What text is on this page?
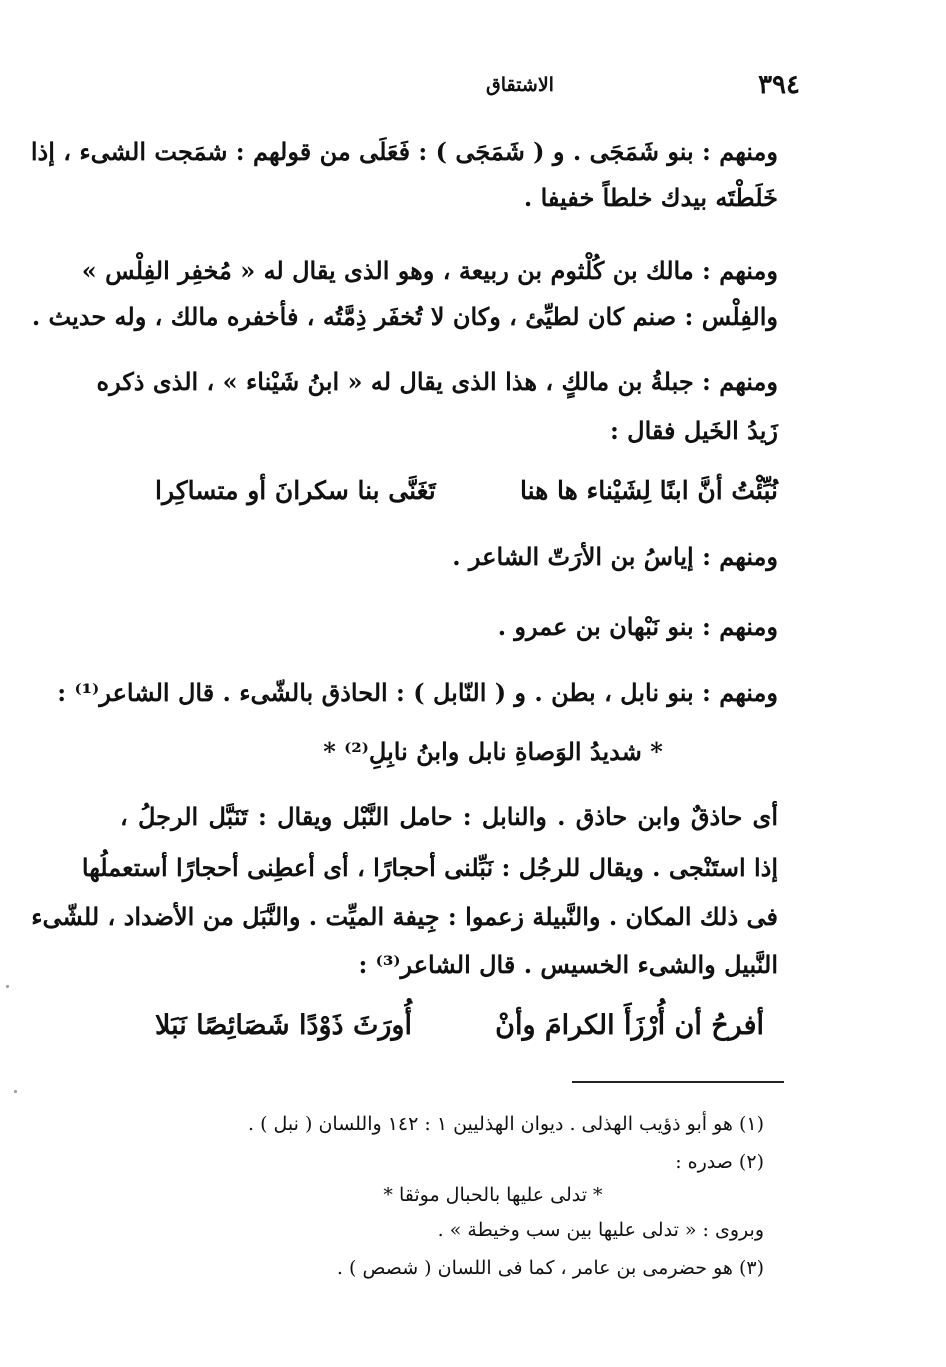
٣٩٤
الاشتقاق
ومنهم : بنو شَمَجَى . و ( شَمَجَى ) : فَعَلَى من قولهم : شمَجت الشىء ، إذا
خَلَطْتَه بيدك خلطاً خفيفا .
ومنهم : مالك بن كُلْثوم بن ربيعة ، وهو الذى يقال له « مُخفِر الفِلْس »
والفِلْس : صنم كان لطيِّئ ، وكان لا تُخفَر ذِمَّتُه ، فأخفره مالك ، وله حديث .
ومنهم : جبلةُ بن مالكٍ ، هذا الذى يقال له « ابنُ شَيْناء » ، الذى ذكره
زَيدُ الخَيل فقال :
نُبِّئْتُ أنَّ ابنًا لِشَيْناء ها هنا
تَغَنَّى بنا سكرانَ أو متساكِرا
ومنهم : إياسُ بن الأرَتّ الشاعر .
ومنهم : بنو نَبْهان بن عمرو .
ومنهم : بنو نابل ، بطن . و ( النّابل ) : الحاذق بالشّىء . قال الشاعر⁽¹⁾ :
* شديدُ الوَصاةِ نابل وابنُ نابِلِ⁽²⁾ *
أى حاذقٌ وابن حاذق . والنابل : حامل النَّبْل ويقال : تَنَبَّل الرجلُ ،
إذا استَنْجى . ويقال للرجُل : نَبِّلنى أحجارًا ، أى أعطِنى أحجارًا أستعملُها
فى ذلك المكان . والنَّبيلة زعموا : جِيفة الميِّت . والنَّبَل من الأضداد ، للشّىء
النَّبيل والشىء الخسيس . قال الشاعر⁽³⁾ :
أفرحُ أن أُرْزَأَ الكرامَ وأنْ
أُورَثَ ذَوْدًا شَصَائِصًا نَبَلا
(١) هو أبو ذؤيب الهذلى . ديوان الهذليين ١ : ١٤٢ واللسان ( نبل ) .
(٢) صدره :
* تدلى عليها بالحبال موثقا *
وبروى : « تدلى عليها بين سب وخيطة » .
(٣) هو حضرمى بن عامر ، كما فى اللسان ( شصص ) .
